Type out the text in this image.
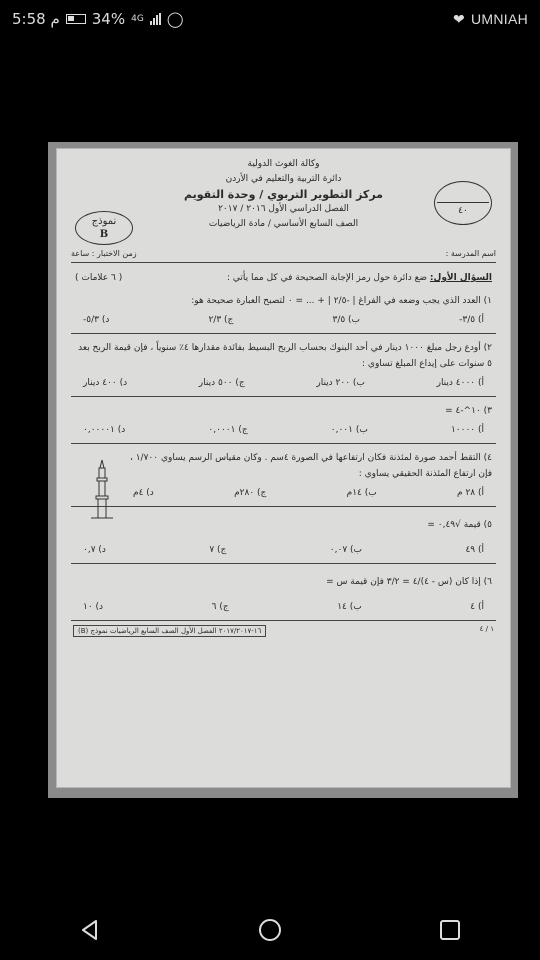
5:58 م 34% 4G ◯	❤ UMNIAH
وكالة الغوث الدولية
دائرة التربية والتعليم في الأردن
مركز التطوير التربوي / وحدة التقويم
الفصل الدراسي الأول ٢٠١٦ / ٢٠١٧
الصف السابع الأساسي / مادة الرياضيات
نموذج
B
٤٠
اسم المدرسة :
زمن الاختبار : ساعة
السؤال الأول: ضع دائرة حول رمز الإجابة الصحيحة في كل مما يأتي :
( ٦ علامات )
١) العدد الذي يجب وضعه في الفراغ | -٢/٥ | + ... = ٠ لتصبح العبارة صحيحة هو:
أ) ٣/٥-
ب) ٣/٥
ج) ٢/٣
د) ٥/٣-
٢) أودع رجل مبلغ ١٠٠٠ دينار في أحد البنوك بحساب الربح البسيط بفائدة مقدارها ٤٪ سنوياً ، فإن قيمة الربح بعد ٥ سنوات على إيداع المبلغ تساوي :
أ) ٤٠٠٠ دينار
ب) ٢٠٠ دينار
ج) ٥٠٠ دينار
د) ٤٠٠ دينار
٣) ١٠^-٤ =
أ) ١٠٠٠٠
ب) ٠,٠٠١
ج) ٠,٠٠٠١
د) ٠,٠٠٠٠١
٤) التقط أحمد صورة لمئذنة فكان ارتفاعها في الصورة ٤سم . وكان مقياس الرسم يساوي ١/٧٠٠ ، فإن ارتفاع المئذنة الحقيقي يساوي :
أ) ٢٨ م
ب) ١٤م
ج) ٢٨٠م
د) ٤م
٥) قيمة √٠,٤٩ =
أ) ٤٩
ب) ٠,٠٧
ج) ٧
د) ٠,٧
٦) إذا كان (س - ٤)/٤ = ٣/٢ فإن قيمة س =
أ) ٤
ب) ١٤
ج) ٦
د) ١٠
١ / ٤
١٦-٢٠١٧/٢٠١٧ الفصل الأول الصف السابع الرياضيات نموذج (B)
